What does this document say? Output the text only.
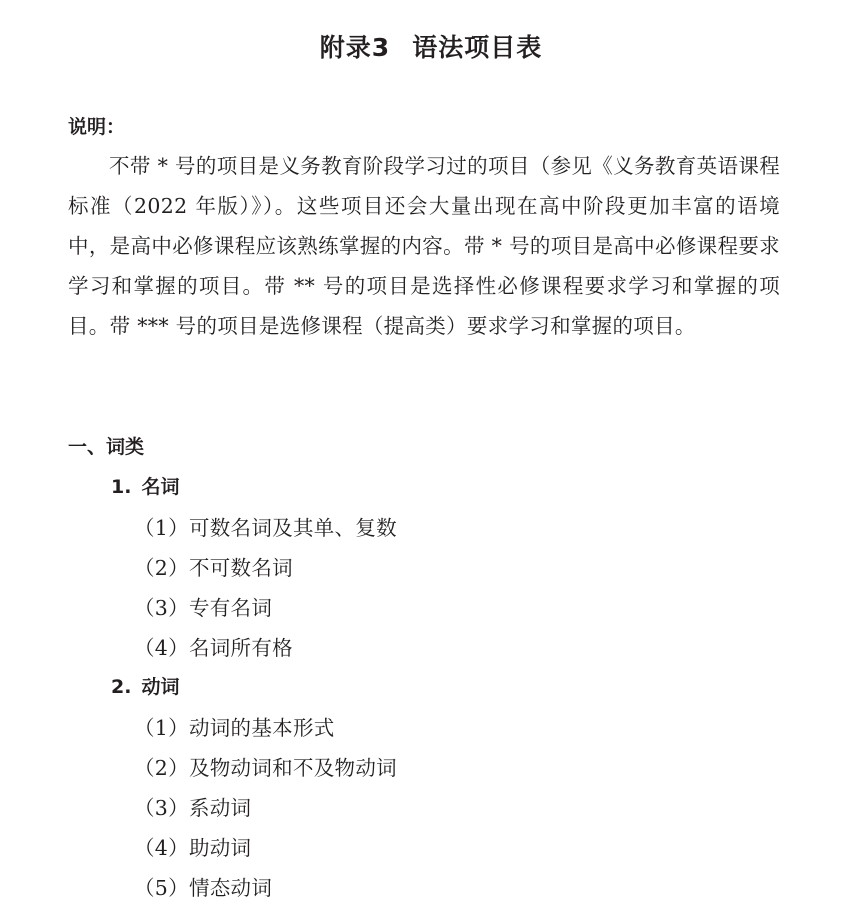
附录3 语法项目表
说明：
不带 * 号的项目是义务教育阶段学习过的项目（参见《义务教育英语课程标准（2022 年版）》）。这些项目还会大量出现在高中阶段更加丰富的语境中，是高中必修课程应该熟练掌握的内容。带 * 号的项目是高中必修课程要求学习和掌握的项目。带 ** 号的项目是选择性必修课程要求学习和掌握的项目。带 *** 号的项目是选修课程（提高类）要求学习和掌握的项目。
一、词类
1. 名词
（1）可数名词及其单、复数
（2）不可数名词
（3）专有名词
（4）名词所有格
2. 动词
（1）动词的基本形式
（2）及物动词和不及物动词
（3）系动词
（4）助动词
（5）情态动词
